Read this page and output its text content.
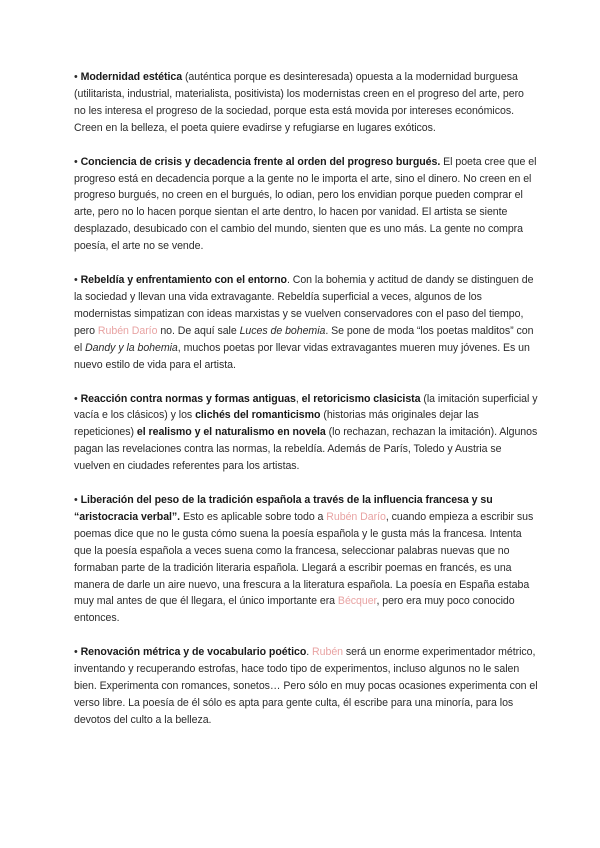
• Modernidad estética (auténtica porque es desinteresada) opuesta a la modernidad burguesa (utilitarista, industrial, materialista, positivista) los modernistas creen en el progreso del arte, pero no les interesa el progreso de la sociedad, porque esta está movida por intereses económicos. Creen en la belleza, el poeta quiere evadirse y refugiarse en lugares exóticos.

• Conciencia de crisis y decadencia frente al orden del progreso burgués. El poeta cree que el progreso está en decadencia porque a la gente no le importa el arte, sino el dinero. No creen en el progreso burgués, no creen en el burgués, lo odian, pero los envidian porque pueden comprar el arte, pero no lo hacen porque sientan el arte dentro, lo hacen por vanidad. El artista se siente desplazado, desubicado con el cambio del mundo, sienten que es uno más. La gente no compra poesía, el arte no se vende.

• Rebeldía y enfrentamiento con el entorno. Con la bohemia y actitud de dandy se distinguen de la sociedad y llevan una vida extravagante. Rebeldía superficial a veces, algunos de los modernistas simpatizan con ideas marxistas y se vuelven conservadores con el paso del tiempo, pero Rubén Darío no. De aquí sale Luces de bohemia. Se pone de moda “los poetas malditos” con el Dandy y la bohemia, muchos poetas por llevar vidas extravagantes mueren muy jóvenes. Es un nuevo estilo de vida para el artista.

• Reacción contra normas y formas antiguas, el retoricismo clasicista (la imitación superficial y vacía e los clásicos) y los clichés del romanticismo (historias más originales dejar las repeticiones) el realismo y el naturalismo en novela (lo rechazan, rechazan la imitación). Algunos pagan las revelaciones contra las normas, la rebeldía. Además de París, Toledo y Austria se vuelven en ciudades referentes para los artistas.

• Liberación del peso de la tradición española a través de la influencia francesa y su “aristocracia verbal”. Esto es aplicable sobre todo a Rubén Darío, cuando empieza a escribir sus poemas dice que no le gusta cómo suena la poesía española y le gusta más la francesa. Intenta que la poesía española a veces suena como la francesa, seleccionar palabras nuevas que no formaban parte de la tradición literaria española. Llegará a escribir poemas en francés, es una manera de darle un aire nuevo, una frescura a la literatura española. La poesía en España estaba muy mal antes de que él llegara, el único importante era Bécquer, pero era muy poco conocido entonces.

• Renovación métrica y de vocabulario poético. Rubén será un enorme experimentador métrico, inventando y recuperando estrofas, hace todo tipo de experimentos, incluso algunos no le salen bien. Experimenta con romances, sonetos… Pero sólo en muy pocas ocasiones experimenta con el verso libre. La poesía de él sólo es apta para gente culta, él escribe para una minoría, para los devotos del culto a la belleza.
